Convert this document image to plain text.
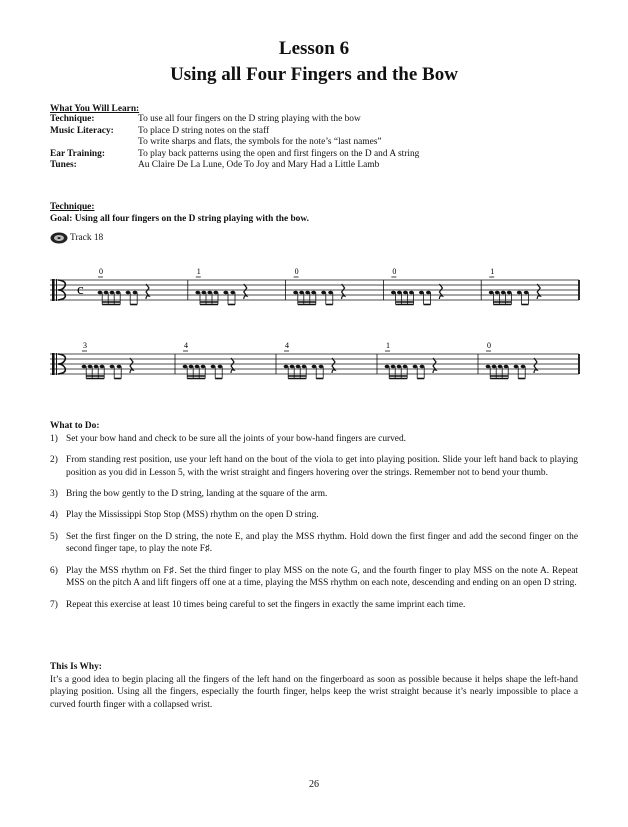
Lesson 6
Using all Four Fingers and the Bow
What You Will Learn:
Technique:	To use all four fingers on the D string playing with the bow
Music Literacy:	To place D string notes on the staff
	To write sharps and flats, the symbols for the note’s “last names”
Ear Training:	To play back patterns using the open and first fingers on the D and A string
Tunes:	Au Claire De La Lune, Ode To Joy and Mary Had a Little Lamb
Technique:
Goal: Using all four fingers on the D string playing with the bow.
Track 18
c
0	1	0	0	1
3	4	4	1	0
What to Do:
1) Set your bow hand and check to be sure all the joints of your bow-hand fingers are curved.
2) From standing rest position, use your left hand on the bout of the viola to get into playing position. Slide your left hand back to playing position as you did in Lesson 5, with the wrist straight and fingers hovering over the strings. Remember not to bend your thumb.
3) Bring the bow gently to the D string, landing at the square of the arm.
4) Play the Mississippi Stop Stop (MSS) rhythm on the open D string.
5) Set the first finger on the D string, the note E, and play the MSS rhythm. Hold down the first finger and add the second finger on the second finger tape, to play the note F♯.
6) Play the MSS rhythm on F♯. Set the third finger to play MSS on the note G, and the fourth finger to play MSS on the note A. Repeat MSS on the pitch A and lift fingers off one at a time, playing the MSS rhythm on each note, descending and ending on an open D string.
7) Repeat this exercise at least 10 times being careful to set the fingers in exactly the same imprint each time.
This Is Why:
It’s a good idea to begin placing all the fingers of the left hand on the fingerboard as soon as possible because it helps shape the left-hand playing position. Using all the fingers, especially the fourth finger, helps keep the wrist straight because it’s nearly impossible to place a curved fourth finger with a collapsed wrist.
26
